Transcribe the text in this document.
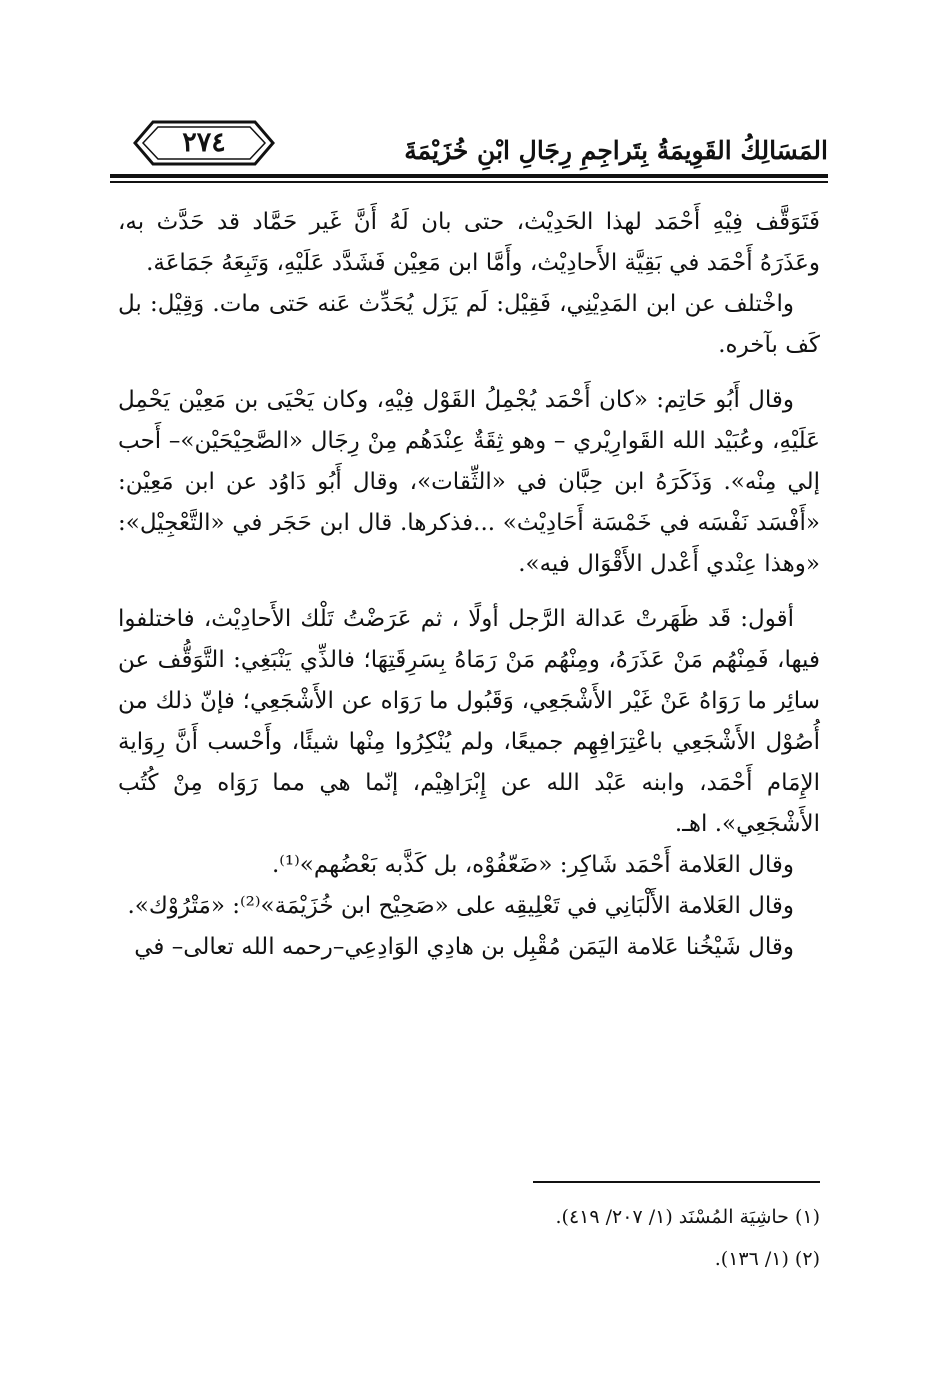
المَسَالِكُ القَوِيمَةُ بِتَراجِمِ رِجَالِ ابْنِ خُزَيْمَةَ
٢٧٤

فَتَوَقَّف فِيْهِ أَحْمَد لهذا الحَدِيْث، حتى بان لَهُ أَنَّ غَير حَمَّاد قد حَدَّث به، وعَذَرَهُ أَحْمَد في بَقِيَّة الأَحادِيْث، وأَمَّا ابن مَعِيْن فَشَدَّد عَلَيْهِ، وَتَبِعَهُ جَمَاعَة.

واخْتلف عن ابن المَدِيْنِي، فَقِيْل: لَم يَزَل يُحَدِّث عَنه حَتى مات. وَقِيْل: بل كَف بآخره.

وقال أَبُو حَاتِم: «كان أَحْمَد يُجْمِلُ القَوْل فِيْهِ، وكان يَحْيَى بن مَعِيْن يَحْمِل عَلَيْهِ، وعُبَيْد الله القَوارِيْري – وهو ثِقَةٌ عِنْدَهُم مِنْ رِجَال «الصَّحِيْحَيْن»– أَحب إلي مِنْه». وَذَكَرَهُ ابن حِبَّان في «الثِّقات»، وقال أَبُو دَاوُد عن ابن مَعِيْن: «أَفْسَد نَفْسَه في خَمْسَة أَحَادِيْث» ...فذكرها. قال ابن حَجَر في «التَّعْجِيْل»: «وهذا عِنْدي أَعْدل الأَقْوَال فيه».

أقول: قَد ظَهَرتْ عَدالة الرَّجل أولًا ، ثم عَرَضْتُ تَلْك الأَحادِيْث، فاختلفوا فيها، فَمِنْهُم مَنْ عَذَرَهُ، ومِنْهُم مَنْ رَمَاهُ بِسَرِقَتِهَا؛ فالذِّي يَنْبَغِي: التَّوَقُّف عن سائِر ما رَوَاهُ عَنْ غَيْر الأَشْجَعِي، وَقَبُول ما رَوَاه عن الأَشْجَعِي؛ فإنّ ذلك من أُصُوْل الأَشْجَعِي باعْتِرَافِهِم جميعًا، ولم يُنْكِرُوا مِنْها شيئًا، وأَحْسب أَنَّ رِوَاية الإِمَام أَحْمَد، وابنه عَبْد الله عن إِبْرَاهِيْم، إنّما هي مما رَوَاه مِنْ كُتُب الأَشْجَعِي». اهـ.

وقال العَلامة أَحْمَد شَاكِر: «ضَعّفُوْه، بل كَذَّبه بَعْضُهم»⁽¹⁾.

وقال العَلامة الأَلْبَانِي في تَعْلِيقِه على «صَحِيْح ابن خُزَيْمَة»⁽²⁾: «مَتْرُوْك».

وقال شَيْخُنا عَلامة اليَمَن مُقْبِل بن هادِي الوَادِعِي–رحمه الله تعالى– في

(١) حاشِيَة المُسْنَد (١/ ٢٠٧/ ٤١٩).

(٢) (١/ ١٣٦).
